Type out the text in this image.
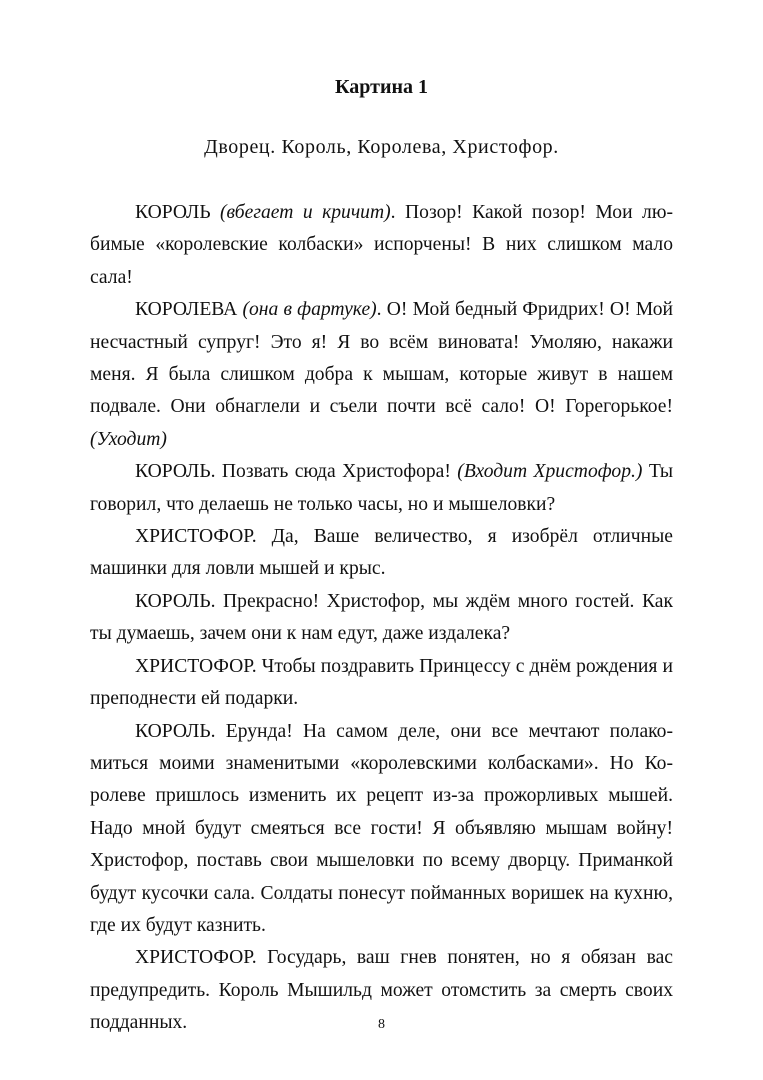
Картина 1
Дворец. Король, Королева, Христофор.

КОРОЛЬ (вбегает и кричит). Позор! Какой позор! Мои любимые «королевские колбаски» испорчены! В них слишком мало сала!

КОРОЛЕВА (она в фартуке). О! Мой бедный Фридрих! О! Мой несчастный супруг! Это я! Я во всём виновата! Умоляю, накажи меня. Я была слишком добра к мышам, которые живут в нашем подвале. Они обнаглели и съели почти всё сало! О! Горегорькое! (Уходит)

КОРОЛЬ. Позвать сюда Христофора! (Входит Христофор.) Ты говорил, что делаешь не только часы, но и мышеловки?

ХРИСТОФОР. Да, Ваше величество, я изобрёл отличные машинки для ловли мышей и крыс.

КОРОЛЬ. Прекрасно! Христофор, мы ждём много гостей. Как ты думаешь, зачем они к нам едут, даже издалека?

ХРИСТОФОР. Чтобы поздравить Принцессу с днём рождения и преподнести ей подарки.

КОРОЛЬ. Ерунда! На самом деле, они все мечтают полакомиться моими знаменитыми «королевскими колбасками». Но Королеве пришлось изменить их рецепт из-за прожорливых мышей. Надо мной будут смеяться все гости! Я объявляю мышам войну! Христофор, поставь свои мышеловки по всему дворцу. Приманкой будут кусочки сала. Солдаты понесут пойманных воришек на кухню, где их будут казнить.

ХРИСТОФОР. Государь, ваш гнев понятен, но я обязан вас предупредить. Король Мышильд может отомстить за смерть своих подданных.	8
